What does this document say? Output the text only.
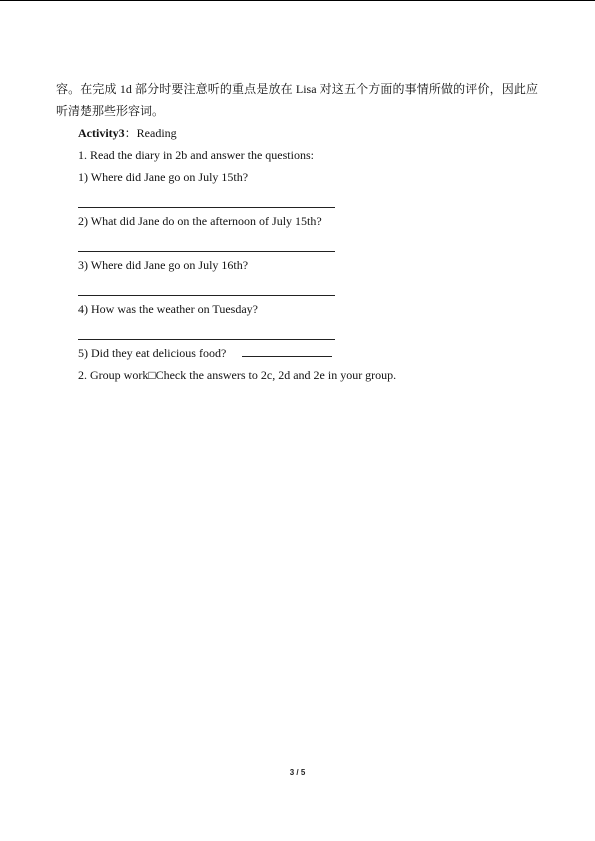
容。在完成 1d 部分时要注意听的重点是放在 Lisa 对这五个方面的事情所做的评价，因此应
听清楚那些形容词。

Activity3：Reading
1. Read the diary in 2b and answer the questions:
1) Where did Jane go on July 15th?
2) What did Jane do on the afternoon of July 15th?
3) Where did Jane go on July 16th?
4) How was the weather on Tuesday?
5) Did they eat delicious food?
2. Group work□Check the answers to 2c, 2d and 2e in your group.
3 / 5
